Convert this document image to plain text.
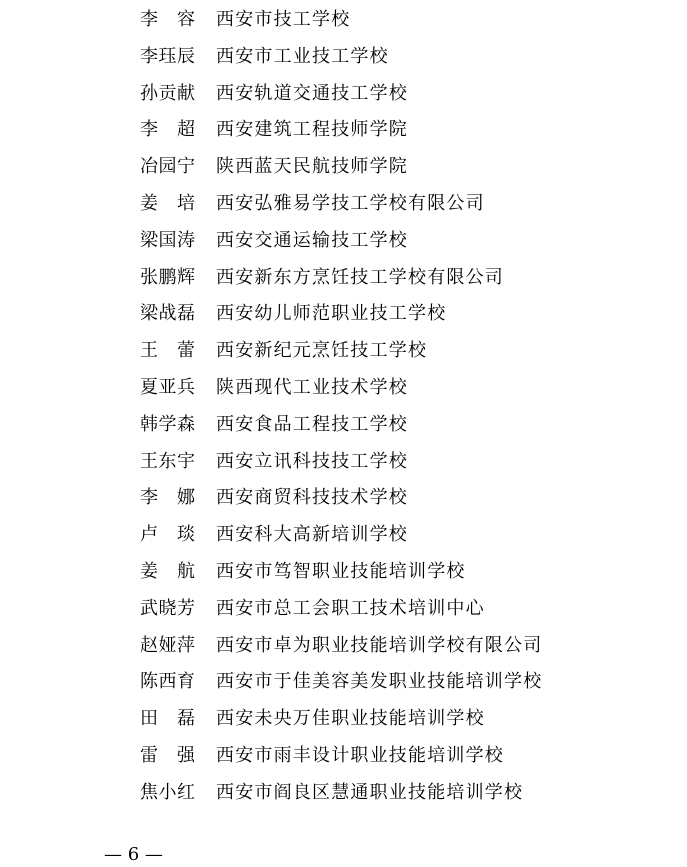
李容 西安市技工学校
李珏辰	西安市工业技工学校
孙贡献	西安轨道交通技工学校
李超 西安建筑工程技师学院
冶园宁	陕西蓝天民航技师学院
姜培 西安弘雅易学技工学校有限公司
梁国涛	西安交通运输技工学校
张鹏辉	西安新东方烹饪技工学校有限公司
梁战磊	西安幼儿师范职业技工学校
王蕾 西安新纪元烹饪技工学校
夏亚兵	陕西现代工业技术学校
韩学森	西安食品工程技工学校
王东宇	西安立讯科技技工学校
李娜 西安商贸科技技术学校
卢琰 西安科大高新培训学校
姜航 西安市笃智职业技能培训学校
武晓芳	西安市总工会职工技术培训中心
赵娅萍	西安市卓为职业技能培训学校有限公司
陈西育	西安市于佳美容美发职业技能培训学校
田磊 西安未央万佳职业技能培训学校
雷强 西安市雨丰设计职业技能培训学校
焦小红	西安市阎良区慧通职业技能培训学校
— 6 —
